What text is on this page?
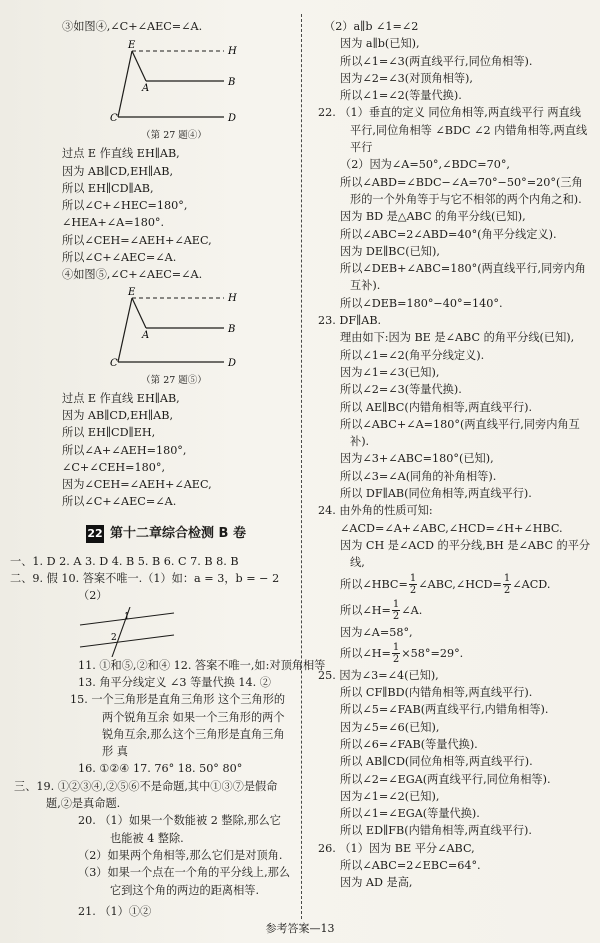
③如图④,∠C+∠AEC=∠A.
E
H
A
B
C	D
（第 27 题④）
过点 E 作直线 EH∥AB,
因为 AB∥CD,EH∥AB,
所以 EH∥CD∥AB,
所以∠C+∠HEC=180°,
∠HEA+∠A=180°.
所以∠CEH=∠AEH+∠AEC,
所以∠C+∠AEC=∠A.
④如图⑤,∠C+∠AEC=∠A.
E
H
A
B
C	D
（第 27 题⑤）
过点 E 作直线 EH∥AB,
因为 AB∥CD,EH∥AB,
所以 EH∥CD∥EH,
所以∠A+∠AEH=180°,
∠C+∠CEH=180°,
因为∠CEH=∠AEH+∠AEC,
所以∠C+∠AEC=∠A.
22 第十二章综合检测 B 卷
一、1. D 2. A 3. D 4. B 5. B 6. C 7. B 8. B
二、9. 假 10. 答案不唯一.（1）如：a = 3，b = − 2
（2）
1
2
11. ①和⑤,②和④ 12. 答案不唯一,如:对顶角相等
13. 角平分线定义 ∠3 等量代换 14. ②
15. 一个三角形是直角三角形 这个三角形的两个锐角互余 如果一个三角形的两个锐角互余,那么这个三角形是直角三角形 真
16. ①②④ 17. 76° 18. 50° 80°
三、19. ①②③④,②⑤⑥不是命题,其中①③⑦是假命题,②是真命题.
20. （1）如果一个数能被 2 整除,那么它也能被 4 整除.
（2）如果两个角相等,那么它们是对顶角.
（3）如果一个点在一个角的平分线上,那么它到这个角的两边的距离相等.
21. （1）①②
（2）a∥b ∠1=∠2
因为 a∥b(已知),
所以∠1=∠3(两直线平行,同位角相等).
因为∠2=∠3(对顶角相等),
所以∠1=∠2(等量代换).
22. （1）垂直的定义 同位角相等,两直线平行 两直线平行,同位角相等 ∠BDC ∠2 内错角相等,两直线平行
（2）因为∠A=50°,∠BDC=70°,
所以∠ABD=∠BDC−∠A=70°−50°=20°(三角形的一个外角等于与它不相邻的两个内角之和).
因为 BD 是△ABC 的角平分线(已知),
所以∠ABC=2∠ABD=40°(角平分线定义).
因为 DE∥BC(已知),
所以∠DEB+∠ABC=180°(两直线平行,同旁内角互补).
所以∠DEB=180°−40°=140°.
23. DF∥AB.
理由如下:因为 BE 是∠ABC 的角平分线(已知),
所以∠1=∠2(角平分线定义).
因为∠1=∠3(已知),
所以∠2=∠3(等量代换).
所以 AE∥BC(内错角相等,两直线平行).
所以∠ABC+∠A=180°(两直线平行,同旁内角互补).
因为∠3+∠ABC=180°(已知),
所以∠3=∠A(同角的补角相等).
所以 DF∥AB(同位角相等,两直线平行).
24. 由外角的性质可知:
∠ACD=∠A+∠ABC,∠HCD=∠H+∠HBC.
因为 CH 是∠ACD 的平分线,BH 是∠ABC 的平分线,
所以∠HBC= $\frac{1}{2}$ ∠ABC,∠HCD= $\frac{1}{2}$ ∠ACD.
所以∠H= $\frac{1}{2}$ ∠A.
因为∠A=58°,
所以∠H= $\frac{1}{2} \times 58^\circ=29^\circ$.
25. 因为∠3=∠4(已知),
所以 CF∥BD(内错角相等,两直线平行).
所以∠5=∠FAB(两直线平行,内错角相等).
因为∠5=∠6(已知),
所以∠6=∠FAB(等量代换).
所以 AB∥CD(同位角相等,两直线平行).
所以∠2=∠EGA(两直线平行,同位角相等).
因为∠1=∠2(已知),
所以∠1=∠EGA(等量代换).
所以 ED∥FB(内错角相等,两直线平行).
26. （1）因为 BE 平分∠ABC,
所以∠ABC=2∠EBC=64°.
因为 AD 是高,
参考答案—13
